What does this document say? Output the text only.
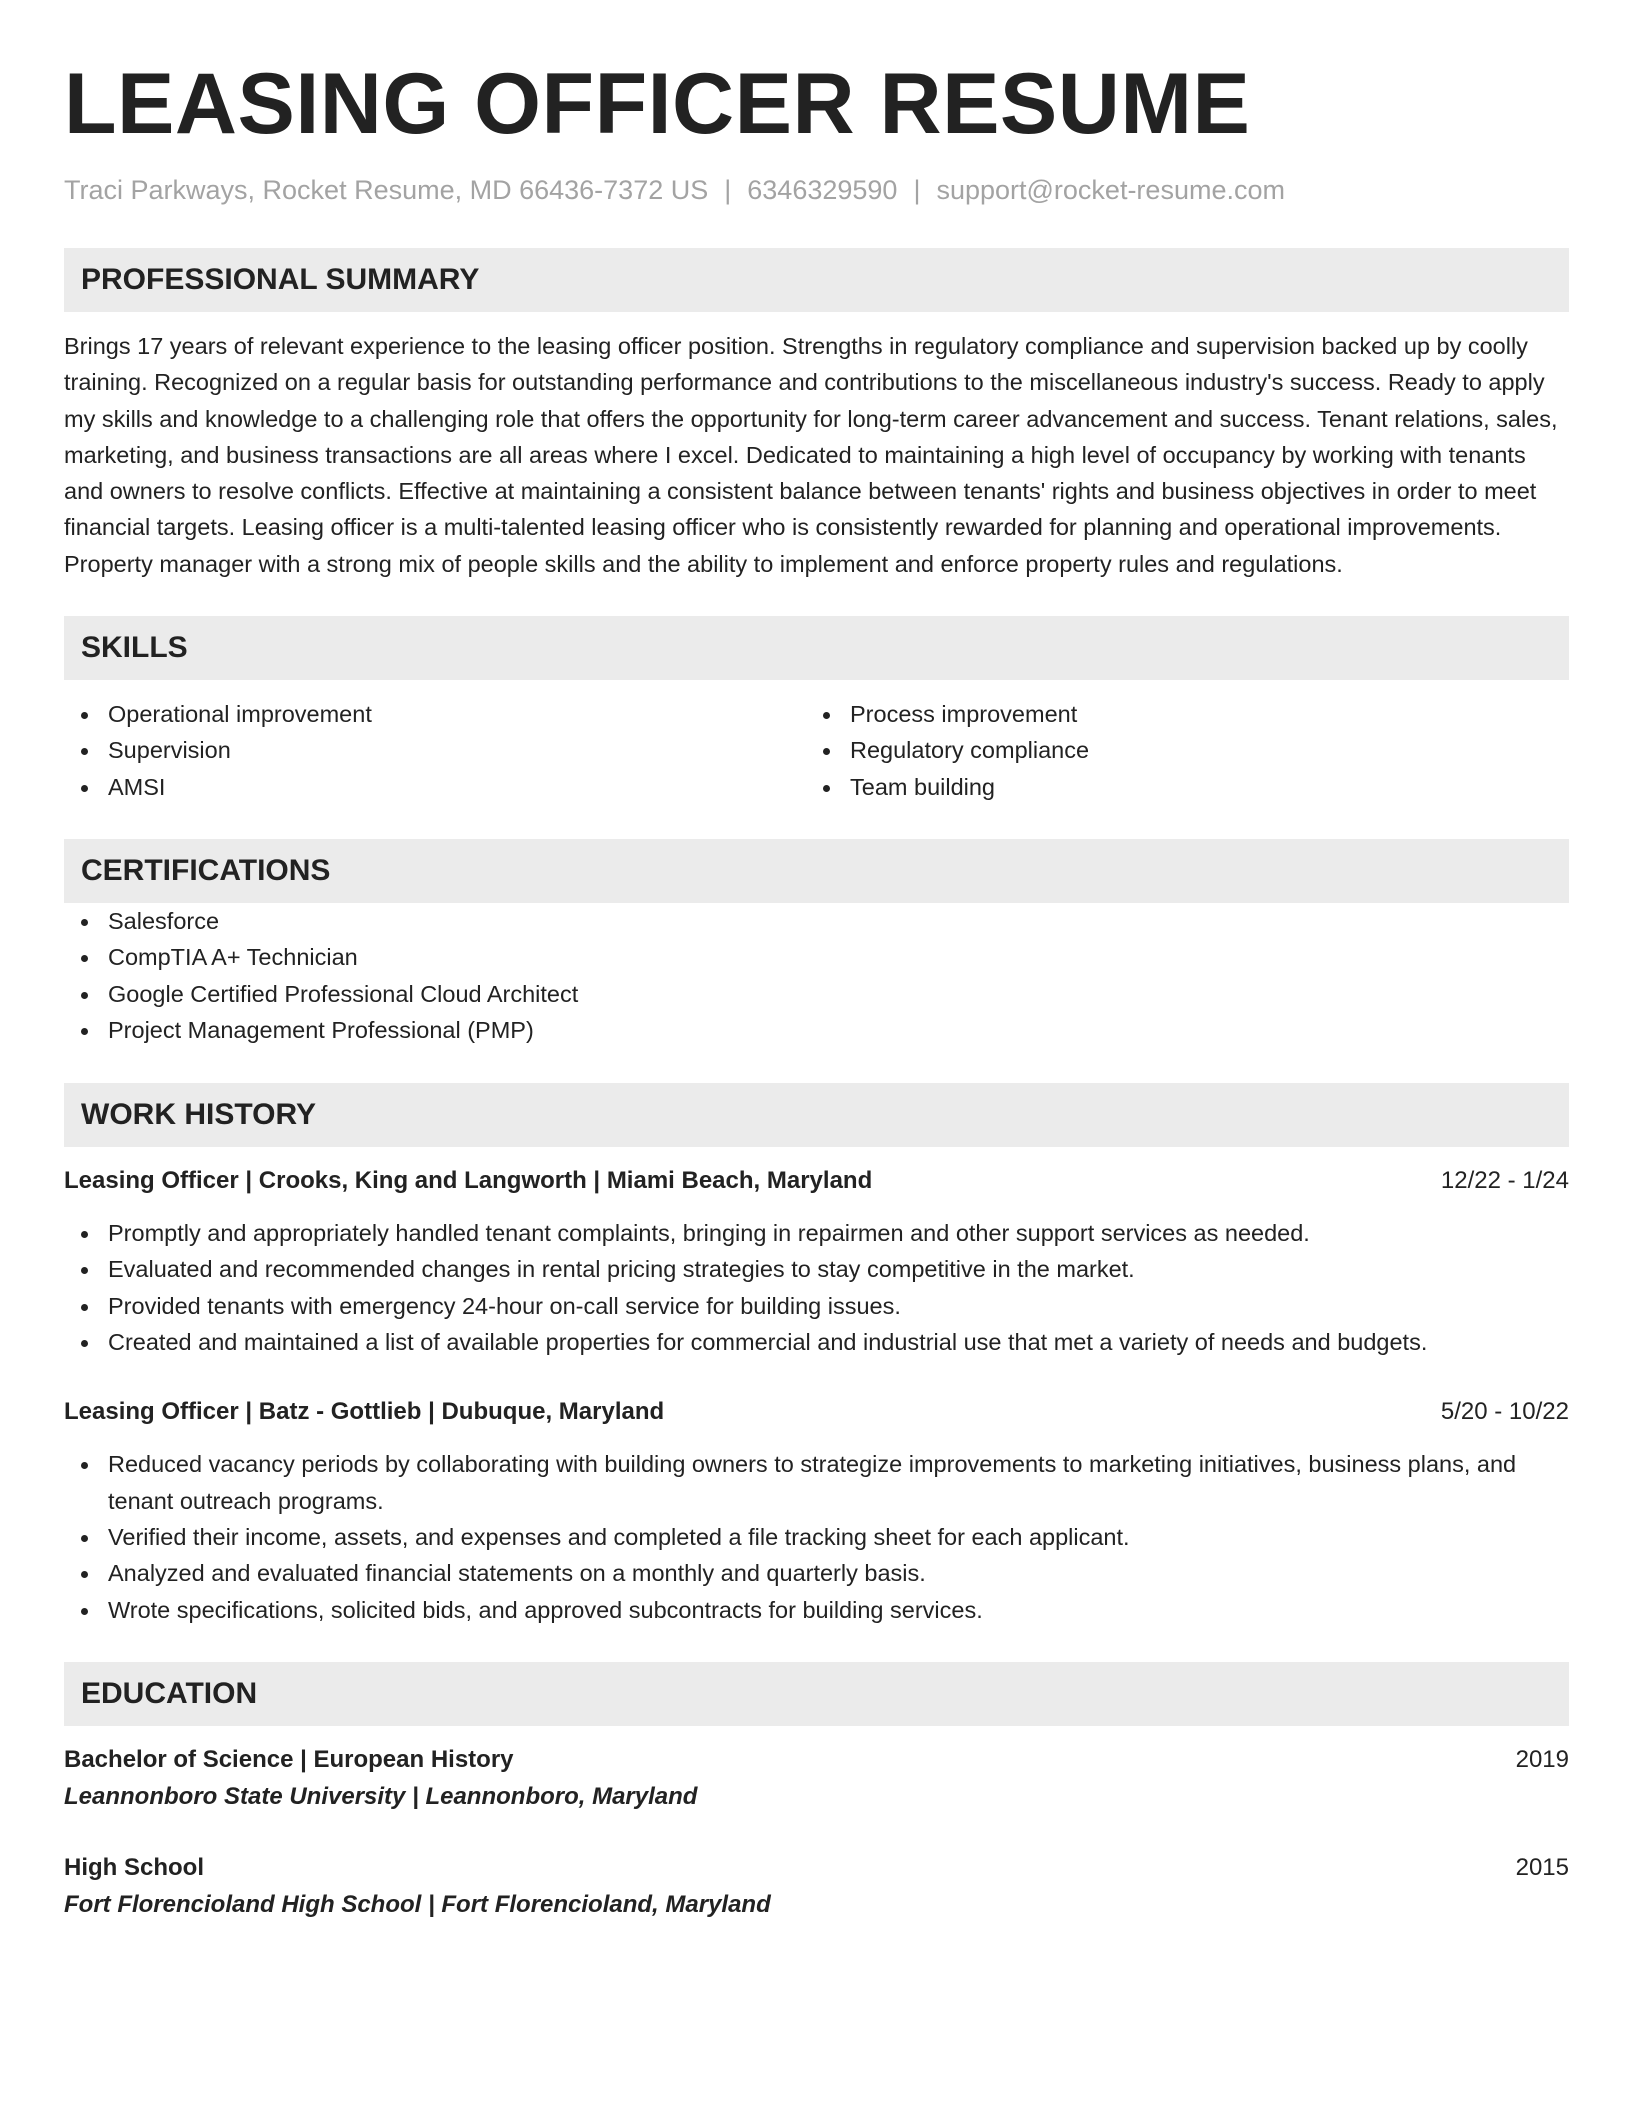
LEASING OFFICER RESUME
Traci Parkways, Rocket Resume, MD 66436-7372 US | 6346329590 | support@rocket-resume.com
PROFESSIONAL SUMMARY

Brings 17 years of relevant experience to the leasing officer position. Strengths in regulatory compliance and supervision backed up by coolly training. Recognized on a regular basis for outstanding performance and contributions to the miscellaneous industry's success. Ready to apply my skills and knowledge to a challenging role that offers the opportunity for long-term career advancement and success. Tenant relations, sales, marketing, and business transactions are all areas where I excel. Dedicated to maintaining a high level of occupancy by working with tenants and owners to resolve conflicts. Effective at maintaining a consistent balance between tenants' rights and business objectives in order to meet financial targets. Leasing officer is a multi-talented leasing officer who is consistently rewarded for planning and operational improvements. Property manager with a strong mix of people skills and the ability to implement and enforce property rules and regulations.

SKILLS
Operational improvement
Supervision
AMSI
Process improvement
Regulatory compliance
Team building
CERTIFICATIONS
Salesforce
CompTIA A+ Technician
Google Certified Professional Cloud Architect
Project Management Professional (PMP)
WORK HISTORY
Leasing Officer | Crooks, King and Langworth | Miami Beach, Maryland	12/22 - 1/24
Promptly and appropriately handled tenant complaints, bringing in repairmen and other support services as needed.
Evaluated and recommended changes in rental pricing strategies to stay competitive in the market.
Provided tenants with emergency 24-hour on-call service for building issues.
Created and maintained a list of available properties for commercial and industrial use that met a variety of needs and budgets.
Leasing Officer | Batz - Gottlieb | Dubuque, Maryland	5/20 - 10/22
Reduced vacancy periods by collaborating with building owners to strategize improvements to marketing initiatives, business plans, and tenant outreach programs.
Verified their income, assets, and expenses and completed a file tracking sheet for each applicant.
Analyzed and evaluated financial statements on a monthly and quarterly basis.
Wrote specifications, solicited bids, and approved subcontracts for building services.
EDUCATION
Bachelor of Science | European History	2019
Leannonboro State University | Leannonboro, Maryland
High School	2015
Fort Florencioland High School | Fort Florencioland, Maryland
